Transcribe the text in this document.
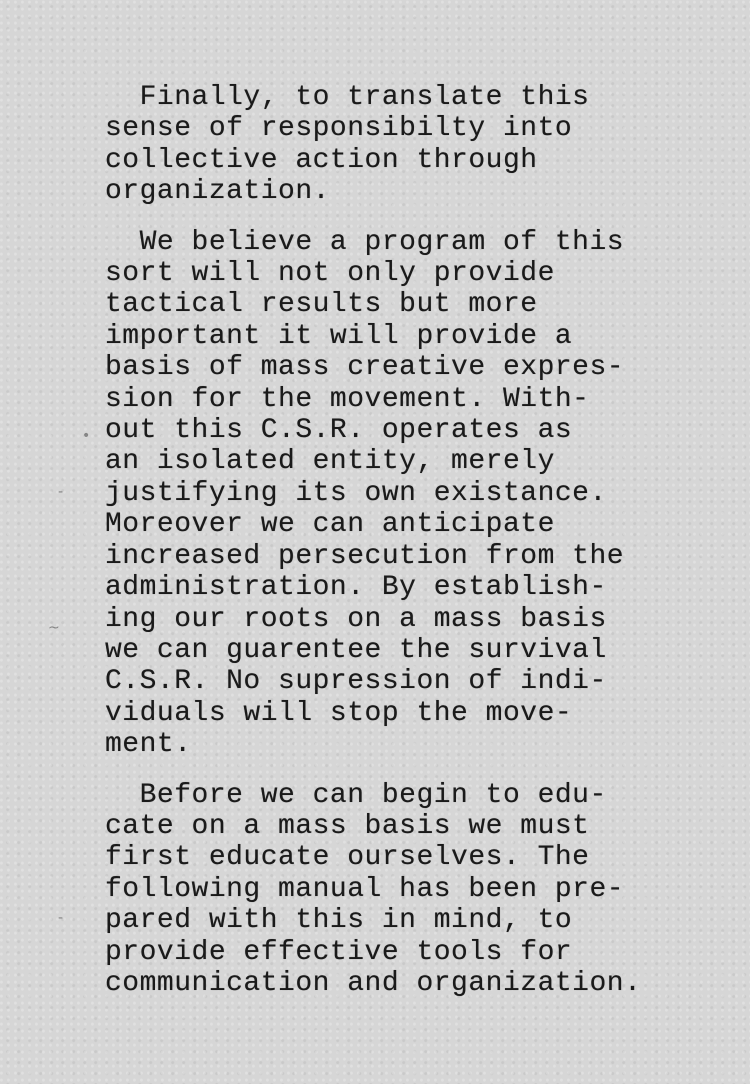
•
-
~
-
Finally, to translate this
sense of responsibilty into
collective action through
organization.
We believe a program of this
sort will not only provide
tactical results but more
important it will provide a
basis of mass creative expres-
sion for the movement. With-
out this C.S.R. operates as
an isolated entity, merely
justifying its own existance.
Moreover we can anticipate
increased persecution from the
administration. By establish-
ing our roots on a mass basis
we can guarentee the survival
C.S.R. No supression of indi-
viduals will stop the move-
ment.
Before we can begin to edu-
cate on a mass basis we must
first educate ourselves. The
following manual has been pre-
pared with this in mind, to
provide effective tools for
communication and organization.
